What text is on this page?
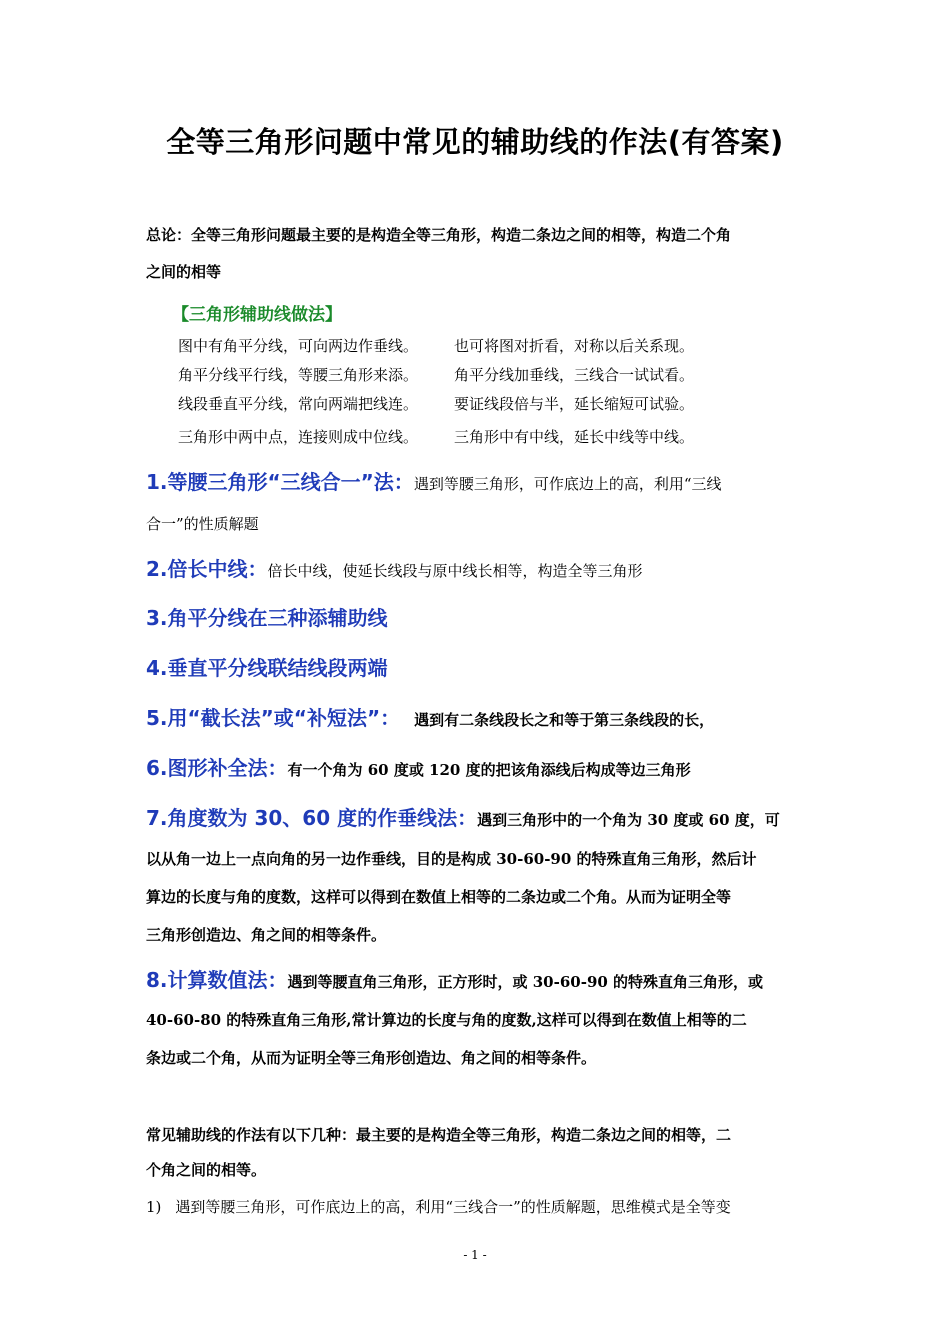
全等三角形问题中常见的辅助线的作法(有答案)
总论：全等三角形问题最主要的是构造全等三角形，构造二条边之间的相等，构造二个角
之间的相等
【三角形辅助线做法】
图中有角平分线，可向两边作垂线。 也可将图对折看，对称以后关系现。
角平分线平行线，等腰三角形来添。 角平分线加垂线，三线合一试试看。
线段垂直平分线，常向两端把线连。 要证线段倍与半，延长缩短可试验。
三角形中两中点，连接则成中位线。 三角形中有中线，延长中线等中线。
1.等腰三角形“三线合一”法：遇到等腰三角形，可作底边上的高，利用“三线
合一”的性质解题
2.倍长中线：倍长中线，使延长线段与原中线长相等，构造全等三角形
3.角平分线在三种添辅助线
4.垂直平分线联结线段两端
5.用“截长法”或“补短法”： 遇到有二条线段长之和等于第三条线段的长，
6.图形补全法：有一个角为 60 度或 120 度的把该角添线后构成等边三角形
7.角度数为 30、60 度的作垂线法：遇到三角形中的一个角为 30 度或 60 度，可
以从角一边上一点向角的另一边作垂线，目的是构成 30-60-90 的特殊直角三角形，然后计
算边的长度与角的度数，这样可以得到在数值上相等的二条边或二个角。从而为证明全等
三角形创造边、角之间的相等条件。
8.计算数值法：遇到等腰直角三角形，正方形时，或 30-60-90 的特殊直角三角形，或
40-60-80 的特殊直角三角形,常计算边的长度与角的度数,这样可以得到在数值上相等的二
条边或二个角，从而为证明全等三角形创造边、角之间的相等条件。
常见辅助线的作法有以下几种：最主要的是构造全等三角形，构造二条边之间的相等，二
个角之间的相等。
1) 遇到等腰三角形，可作底边上的高，利用“三线合一”的性质解题，思维模式是全等变
- 1 -
